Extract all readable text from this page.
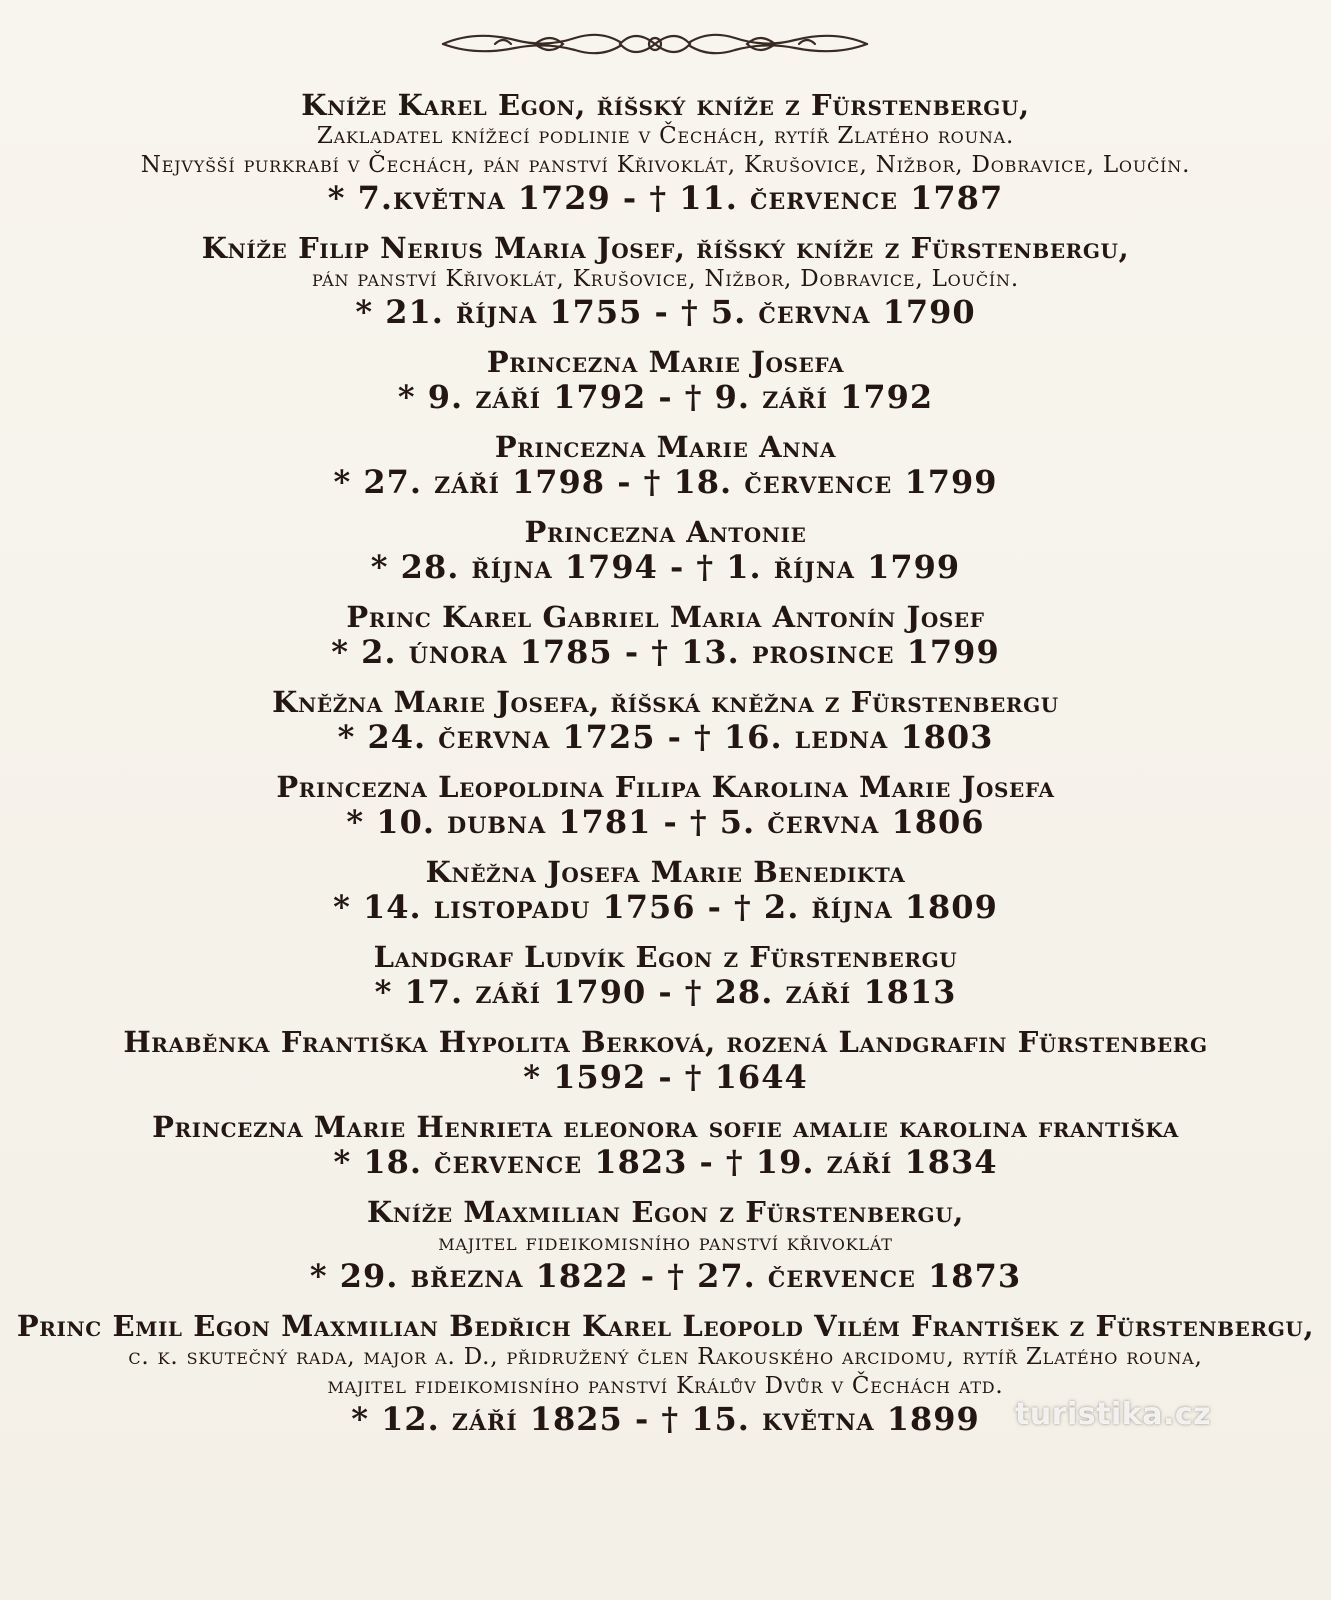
Kníže Karel Egon, říšský kníže z Fürstenbergu,
Zakladatel knížecí podlinie v Čechách, rytíř Zlatého rouna.
Nejvyšší purkrabí v Čechách, pán panství Křivoklát, Krušovice, Nižbor, Dobravice, Loučín.
* 7.května 1729 - † 11. července 1787
Kníže Filip Nerius Maria Josef, říšský kníže z Fürstenbergu,
pán panství Křivoklát, Krušovice, Nižbor, Dobravice, Loučín.
* 21. října 1755 - † 5. června 1790
Princezna Marie Josefa
* 9. září 1792 - † 9. září 1792
Princezna Marie Anna
* 27. září 1798 - † 18. července 1799
Princezna Antonie
* 28. října 1794 - † 1. října 1799
Princ Karel Gabriel Maria Antonín Josef
* 2. února 1785 - † 13. prosince 1799
Kněžna Marie Josefa, říšská kněžna z Fürstenbergu
* 24. června 1725 - † 16. ledna 1803
Princezna Leopoldina Filipa Karolina Marie Josefa
* 10. dubna 1781 - † 5. června 1806
Kněžna Josefa Marie Benedikta
* 14. listopadu 1756 - † 2. října 1809
Landgraf Ludvík Egon z Fürstenbergu
* 17. září 1790 - † 28. září 1813
Hraběnka Františka Hypolita Berková, rozená Landgrafin Fürstenberg
* 1592 - † 1644
Princezna Marie Henrieta eleonora sofie amalie karolina františka
* 18. července 1823 - † 19. září 1834
Kníže Maxmilian Egon z Fürstenbergu,
majitel fideikomisního panství křivoklát
* 29. března 1822 - † 27. července 1873
Princ Emil Egon Maxmilian Bedřich Karel Leopold Vilém František z Fürstenbergu,
c. k. skutečný rada, major a. D., přidružený člen Rakouského arcidomu, rytíř Zlatého rouna,
majitel fideikomisního panství Králův Dvůr v Čechách atd.
* 12. září 1825 - † 15. května 1899	turistika.cz
